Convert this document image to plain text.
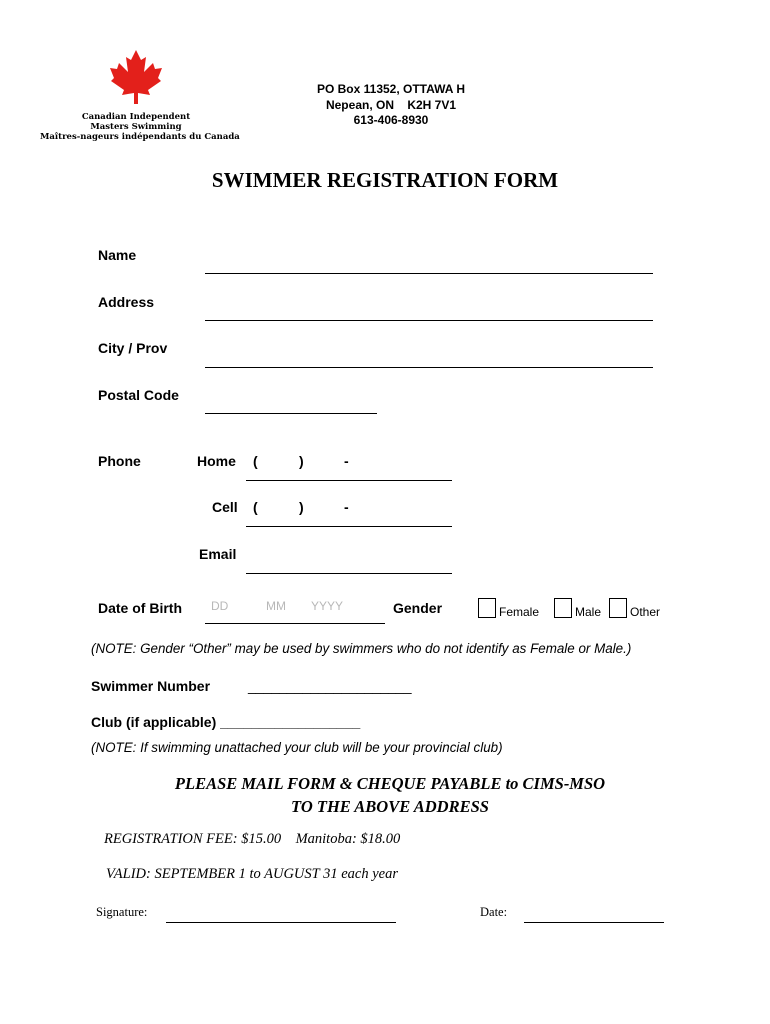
Canadian Independent
Masters Swimming
Maîtres-nageurs indépendants du Canada
PO Box 11352, OTTAWA H
Nepean, ON    K2H 7V1
613-406-8930
SWIMMER REGISTRATION FORM
Name
Address
City / Prov
Postal Code
Phone	Home (	)	-
Cell (	)	-
Email
Date of Birth DD	MM YYYY	Gender	Female	Male Other
(NOTE: Gender “Other” may be used by swimmers who do not identify as Female or Male.)
Swimmer Number	_____________________
Club (if applicable) __________________
(NOTE: If swimming unattached your club will be your provincial club)
PLEASE MAIL FORM & CHEQUE PAYABLE to CIMS-MSO
TO THE ABOVE ADDRESS
REGISTRATION FEE: $15.00    Manitoba: $18.00
VALID: SEPTEMBER 1 to AUGUST 31 each year
Signature:	Date:
